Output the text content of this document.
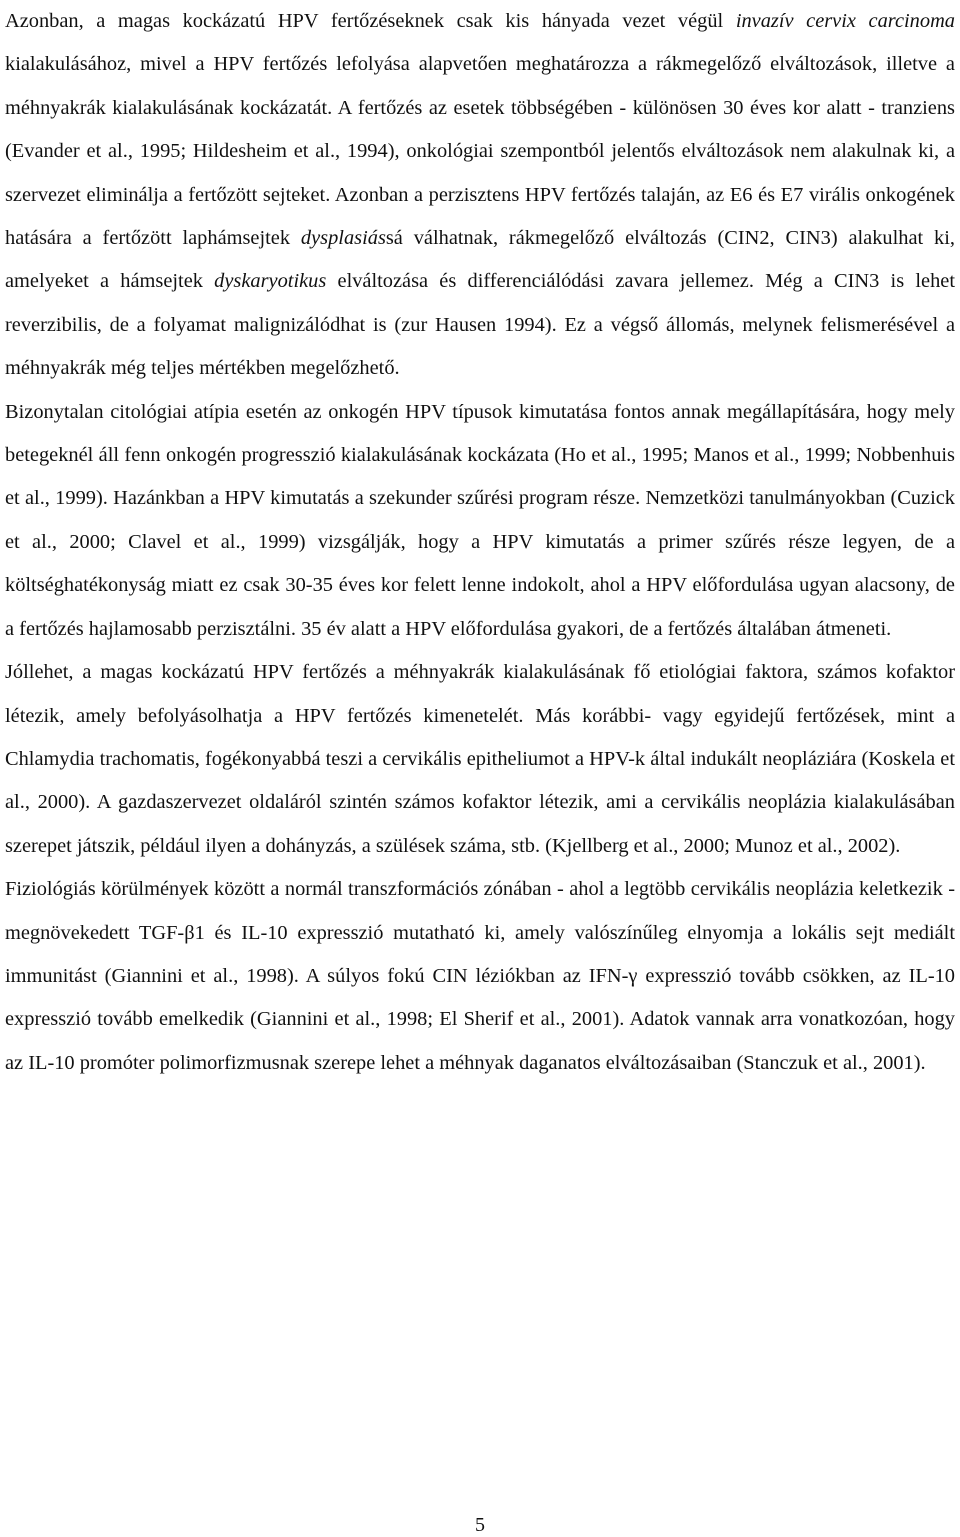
Azonban, a magas kockázatú HPV fertőzéseknek csak kis hányada vezet végül invazív cervix carcinoma kialakulásához, mivel a HPV fertőzés lefolyása alapvetően meghatározza a rákmegelőző elváltozások, illetve a méhnyakrák kialakulásának kockázatát. A fertőzés az esetek többségében - különösen 30 éves kor alatt - tranziens (Evander et al., 1995; Hildesheim et al., 1994), onkológiai szempontból jelentős elváltozások nem alakulnak ki, a szervezet eliminálja a fertőzött sejteket. Azonban a perzisztens HPV fertőzés talaján, az E6 és E7 virális onkogének hatására a fertőzött laphámsejtek dysplasiássá válhatnak, rákmegelőző elváltozás (CIN2, CIN3) alakulhat ki, amelyeket a hámsejtek dyskaryotikus elváltozása és differenciálódási zavara jellemez. Még a CIN3 is lehet reverzibilis, de a folyamat malignizálódhat is (zur Hausen 1994). Ez a végső állomás, melynek felismerésével a méhnyakrák még teljes mértékben megelőzhető.

Bizonytalan citológiai atípia esetén az onkogén HPV típusok kimutatása fontos annak megállapítására, hogy mely betegeknél áll fenn onkogén progresszió kialakulásának kockázata (Ho et al., 1995; Manos et al., 1999; Nobbenhuis et al., 1999). Hazánkban a HPV kimutatás a szekunder szűrési program része. Nemzetközi tanulmányokban (Cuzick et al., 2000; Clavel et al., 1999) vizsgálják, hogy a HPV kimutatás a primer szűrés része legyen, de a költséghatékonyság miatt ez csak 30-35 éves kor felett lenne indokolt, ahol a HPV előfordulása ugyan alacsony, de a fertőzés hajlamosabb perzisztálni. 35 év alatt a HPV előfordulása gyakori, de a fertőzés általában átmeneti.

Jóllehet, a magas kockázatú HPV fertőzés a méhnyakrák kialakulásának fő etiológiai faktora, számos kofaktor létezik, amely befolyásolhatja a HPV fertőzés kimenetelét. Más korábbi- vagy egyidejű fertőzések, mint a Chlamydia trachomatis, fogékonyabbá teszi a cervikális epitheliumot a HPV-k által indukált neopláziára (Koskela et al., 2000). A gazdaszervezet oldaláról szintén számos kofaktor létezik, ami a cervikális neoplázia kialakulásában szerepet játszik, például ilyen a dohányzás, a szülések száma, stb. (Kjellberg et al., 2000; Munoz et al., 2002).

Fiziológiás körülmények között a normál transzformációs zónában - ahol a legtöbb cervikális neoplázia keletkezik - megnövekedett TGF-β1 és IL-10 expresszió mutatható ki, amely valószínűleg elnyomja a lokális sejt mediált immunitást (Giannini et al., 1998). A súlyos fokú CIN léziókban az IFN-γ expresszió tovább csökken, az IL-10 expresszió tovább emelkedik (Giannini et al., 1998; El Sherif et al., 2001). Adatok vannak arra vonatkozóan, hogy az IL-10 promóter polimorfizmusnak szerepe lehet a méhnyak daganatos elváltozásaiban (Stanczuk et al., 2001).

5
